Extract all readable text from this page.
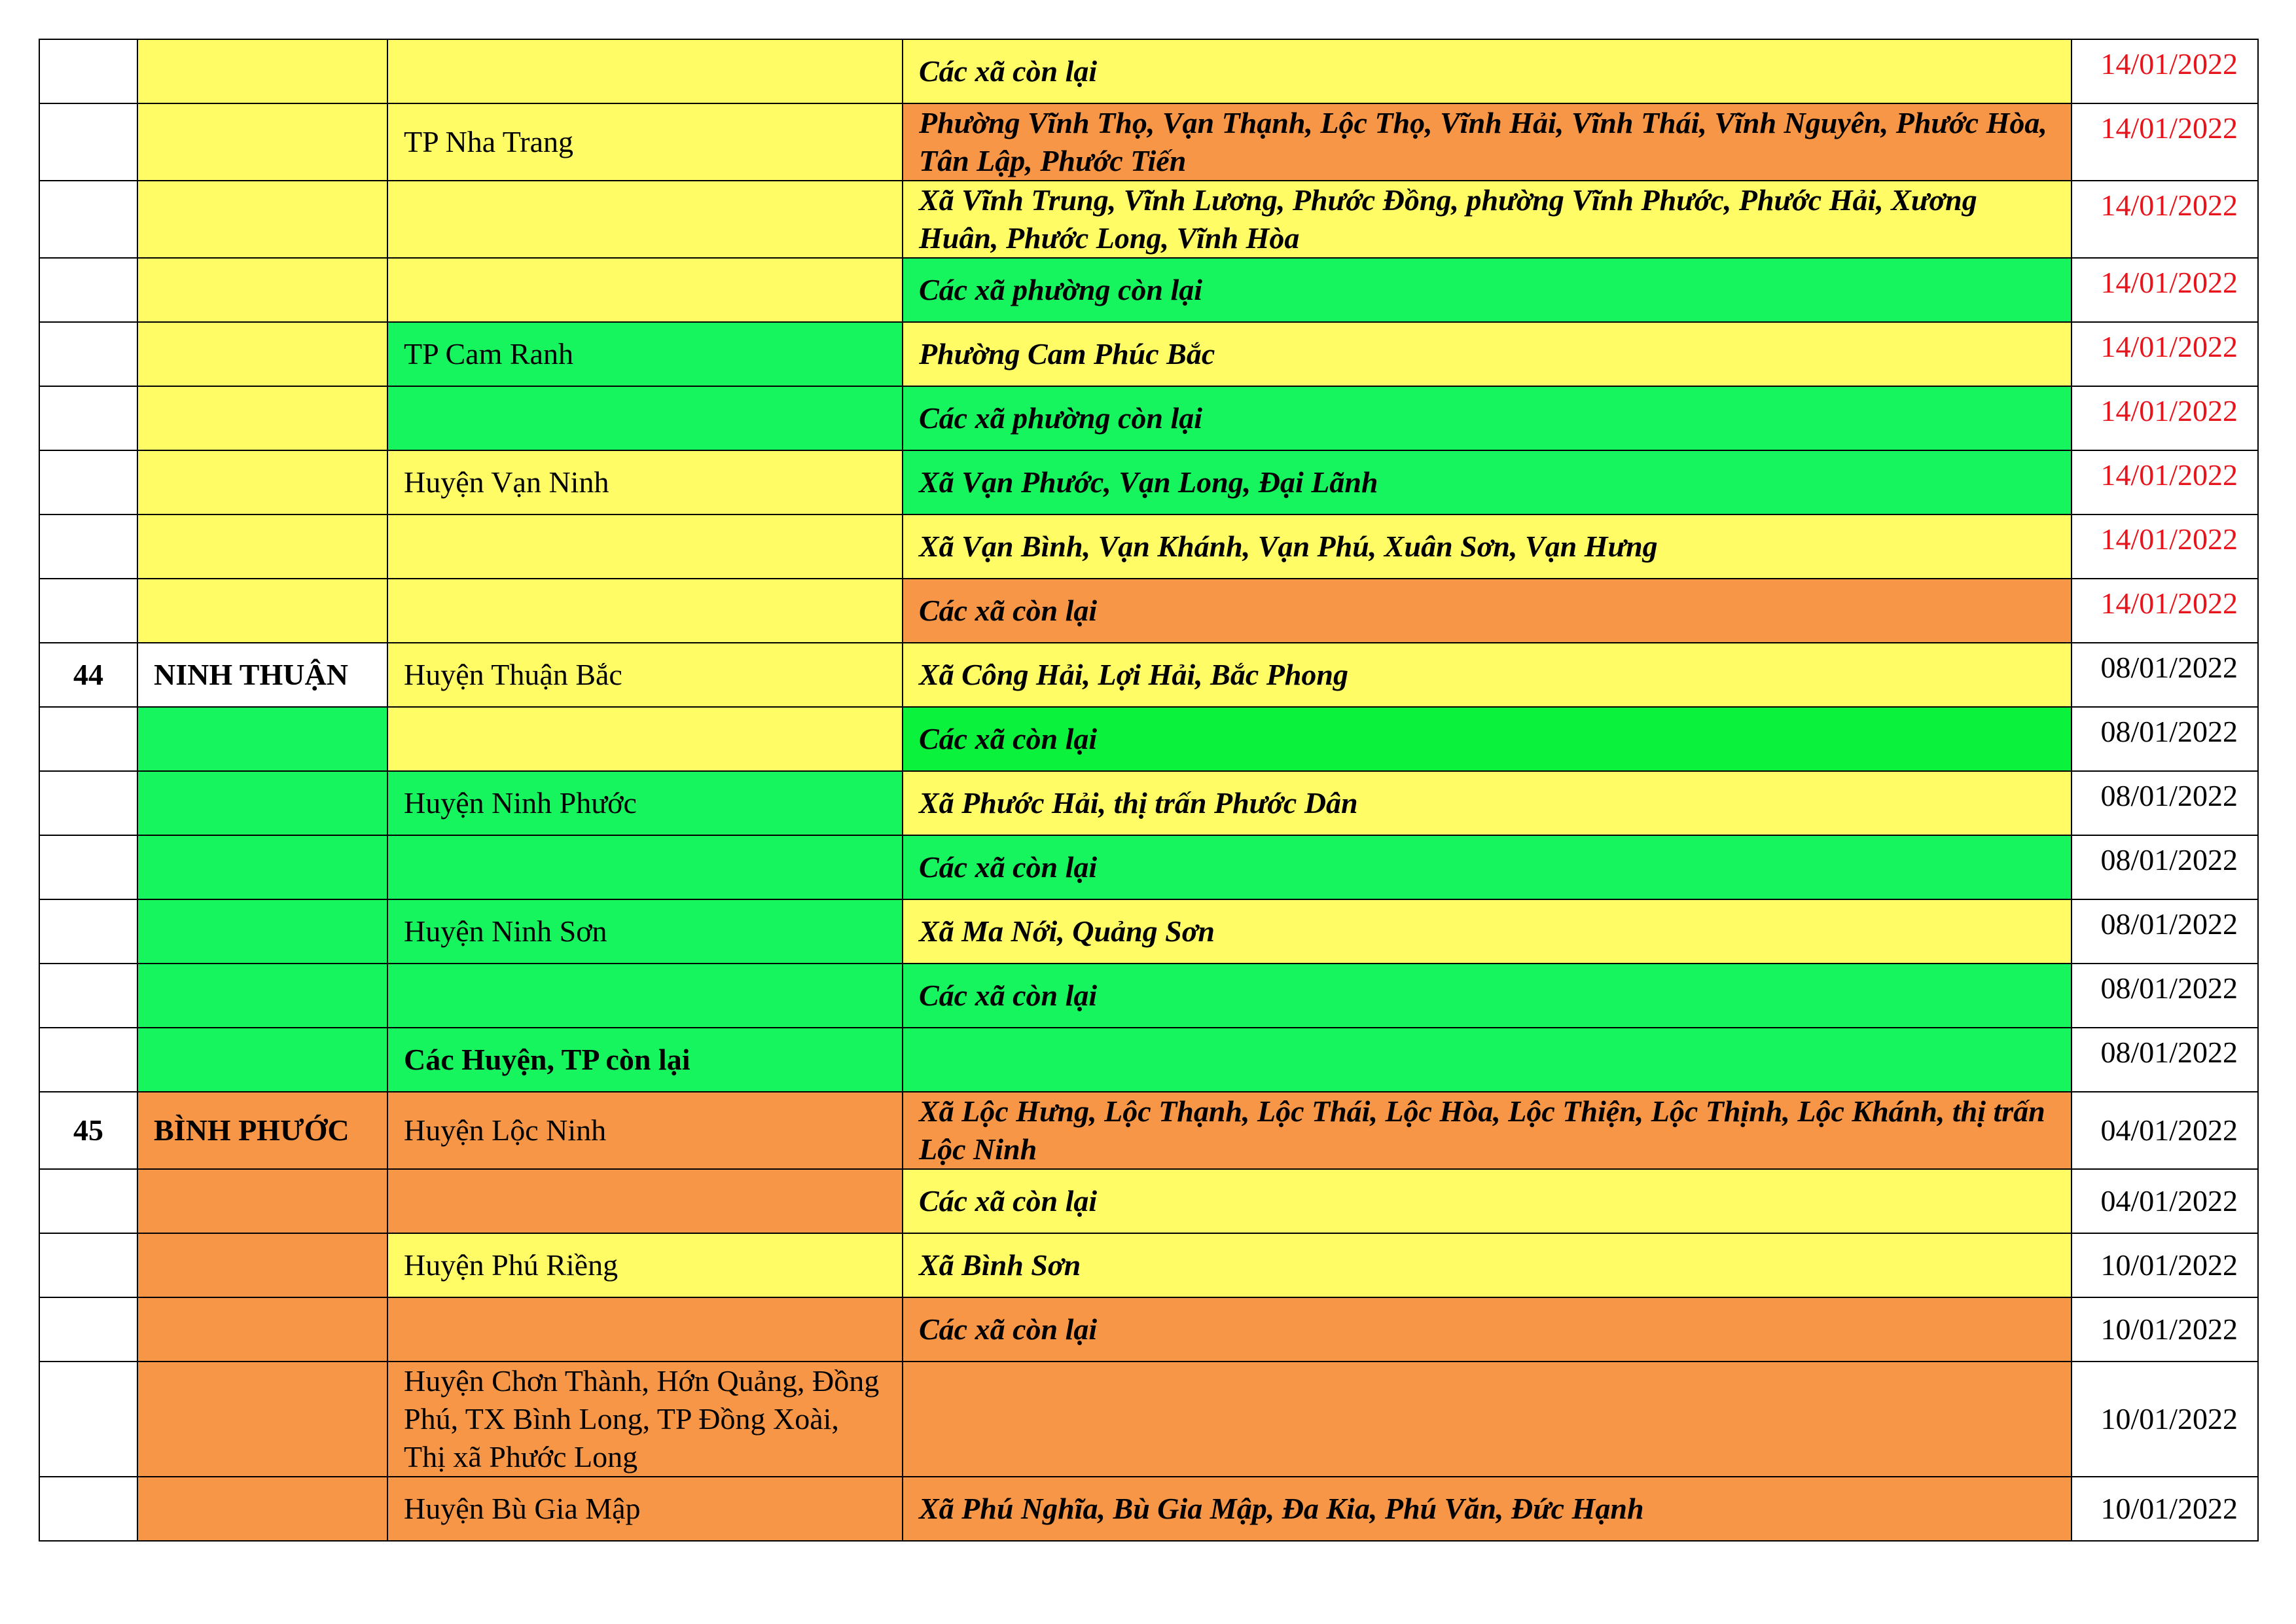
			Các xã còn lại	14/01/2022
		TP Nha Trang	Phường Vĩnh Thọ, Vạn Thạnh, Lộc Thọ, Vĩnh Hải, Vĩnh Thái, Vĩnh Nguyên, Phước Hòa, Tân Lập, Phước Tiến	14/01/2022
			Xã Vĩnh Trung, Vĩnh Lương, Phước Đồng, phường Vĩnh Phước, Phước Hải, Xương Huân, Phước Long, Vĩnh Hòa	14/01/2022
			Các xã phường còn lại	14/01/2022
		TP Cam Ranh	Phường Cam Phúc Bắc	14/01/2022
			Các xã phường còn lại	14/01/2022
		Huyện Vạn Ninh	Xã Vạn Phước, Vạn Long, Đại Lãnh	14/01/2022
			Xã Vạn Bình, Vạn Khánh, Vạn Phú, Xuân Sơn, Vạn Hưng	14/01/2022
			Các xã còn lại	14/01/2022
44	NINH THUẬN	Huyện Thuận Bắc	Xã Công Hải, Lợi Hải, Bắc Phong	08/01/2022
			Các xã còn lại	08/01/2022
		Huyện Ninh Phước	Xã Phước Hải, thị trấn Phước Dân	08/01/2022
			Các xã còn lại	08/01/2022
		Huyện Ninh Sơn	Xã Ma Nới, Quảng Sơn	08/01/2022
			Các xã còn lại	08/01/2022
		Các Huyện, TP còn lại		08/01/2022
45	BÌNH PHƯỚC	Huyện Lộc Ninh	Xã Lộc Hưng, Lộc Thạnh, Lộc Thái, Lộc Hòa, Lộc Thiện, Lộc Thịnh, Lộc Khánh, thị trấn Lộc Ninh	04/01/2022
			Các xã còn lại	04/01/2022
		Huyện Phú Riềng	Xã Bình Sơn	10/01/2022
			Các xã còn lại	10/01/2022
		Huyện Chơn Thành, Hớn Quảng, Đồng Phú, TX Bình Long, TP Đồng Xoài, Thị xã Phước Long		10/01/2022
		Huyện Bù Gia Mập	Xã Phú Nghĩa, Bù Gia Mập, Đa Kia, Phú Văn, Đức Hạnh	10/01/2022
